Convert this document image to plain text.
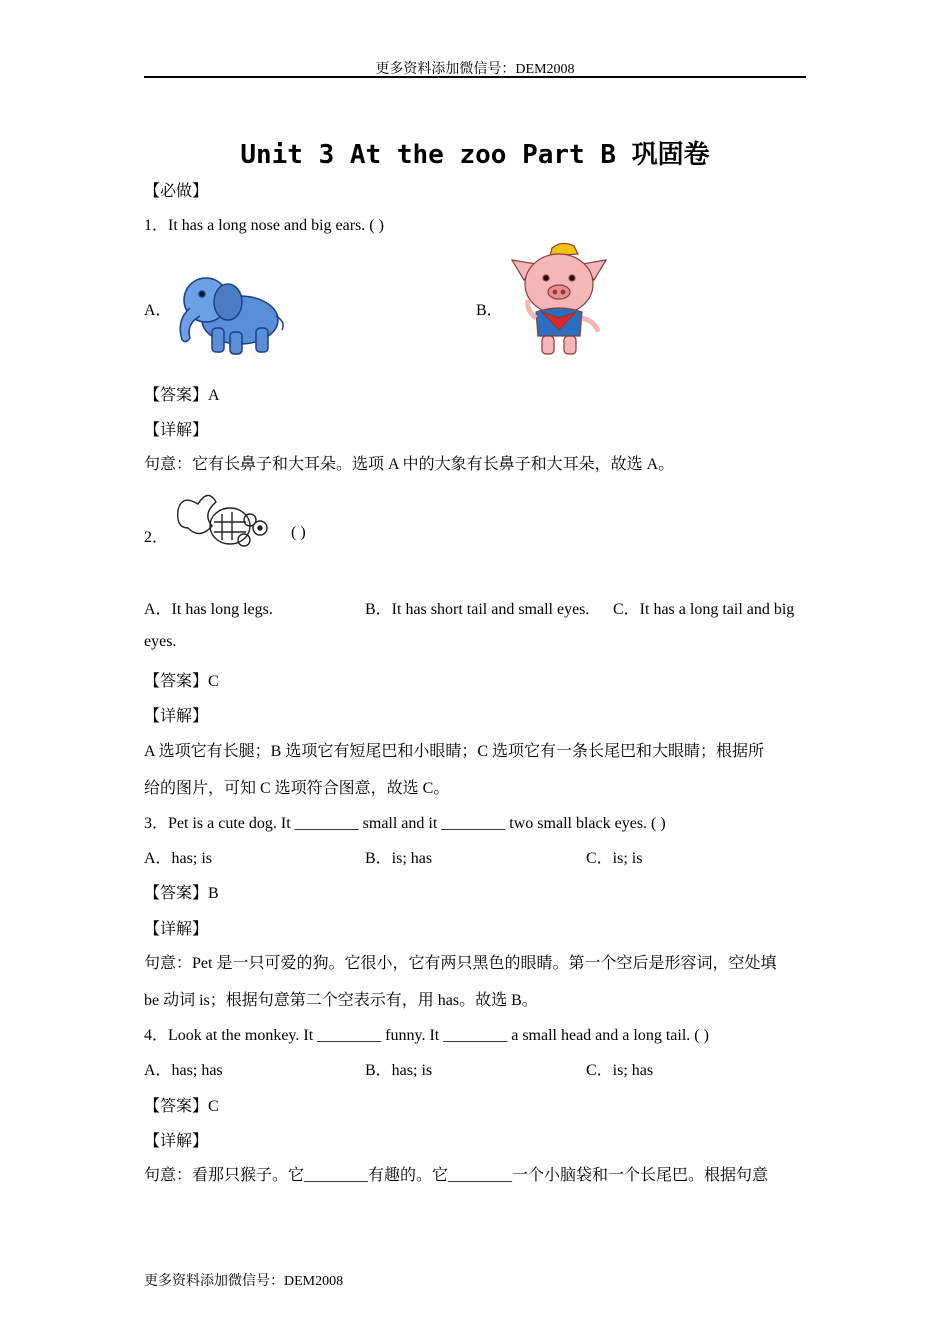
更多资料添加微信号：DEM2008
Unit 3 At the zoo Part B 巩固卷
【必做】
1．It has a long nose and big ears. ( )
A．	B．
【答案】A
【详解】
句意：它有长鼻子和大耳朵。选项 A 中的大象有长鼻子和大耳朵，故选 A。
2．	( )
A．It has long legs.	B．It has short tail and small eyes. C．It has a long tail and big
eyes.
【答案】C
【详解】
A 选项它有长腿；B 选项它有短尾巴和小眼睛；C 选项它有一条长尾巴和大眼睛；根据所
给的图片，可知 C 选项符合图意，故选 C。
3．Pet is a cute dog. It ________ small and it ________ two small black eyes. ( )
A．has; is	B．is; has	C．is; is
【答案】B
【详解】
句意：Pet 是一只可爱的狗。它很小，它有两只黑色的眼睛。第一个空后是形容词，空处填
be 动词 is；根据句意第二个空表示有，用 has。故选 B。
4．Look at the monkey. It ________ funny. It ________ a small head and a long tail. ( )
A．has; has	B．has; is	C．is; has
【答案】C
【详解】
句意：看那只猴子。它________有趣的。它________一个小脑袋和一个长尾巴。根据句意
更多资料添加微信号：DEM2008
